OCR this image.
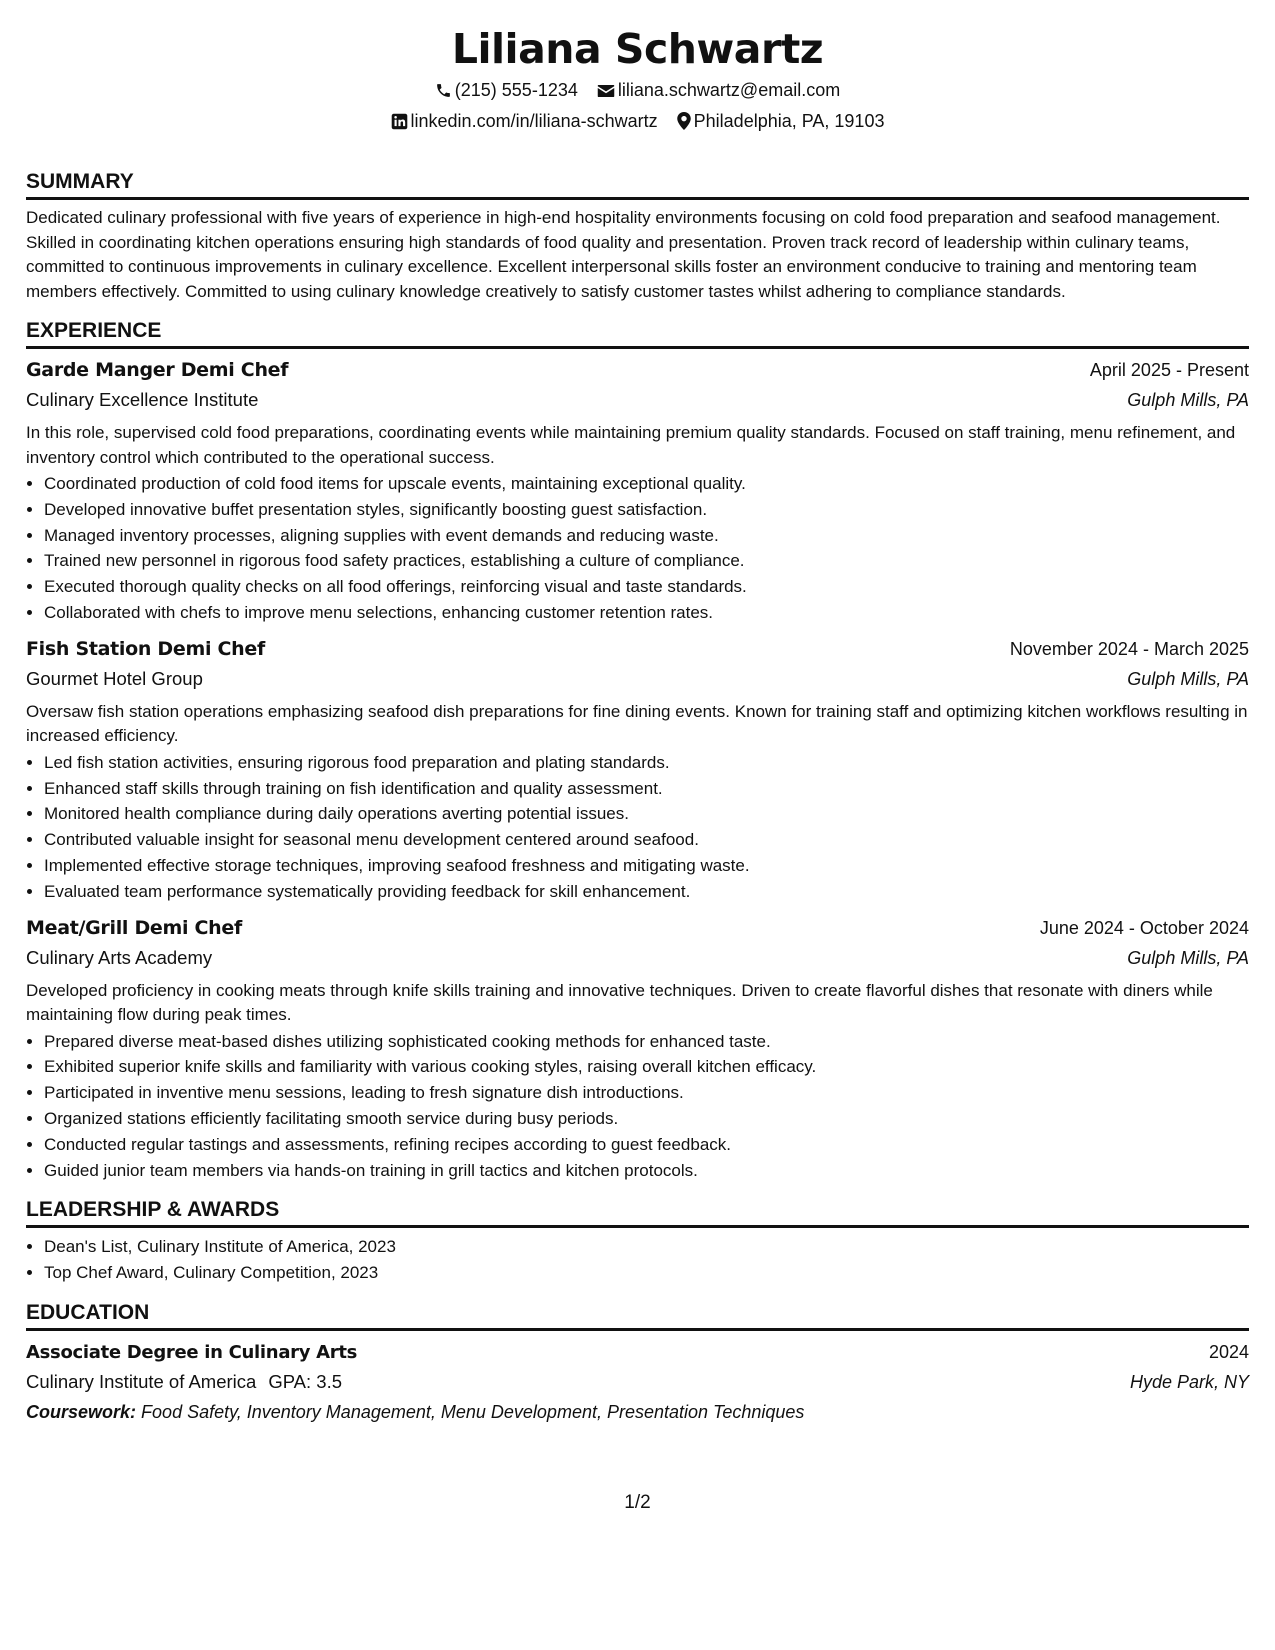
Liliana Schwartz
(215) 555-1234 liliana.schwartz@email.com
linkedin.com/in/liliana-schwartz Philadelphia, PA, 19103
SUMMARY

Dedicated culinary professional with five years of experience in high-end hospitality environments focusing on cold food preparation and seafood management. Skilled in coordinating kitchen operations ensuring high standards of food quality and presentation. Proven track record of leadership within culinary teams, committed to continuous improvements in culinary excellence. Excellent interpersonal skills foster an environment conducive to training and mentoring team members effectively. Committed to using culinary knowledge creatively to satisfy customer tastes whilst adhering to compliance standards.

EXPERIENCE
Garde Manger Demi Chef	April 2025 - Present
Culinary Excellence Institute	Gulph Mills, PA

In this role, supervised cold food preparations, coordinating events while maintaining premium quality standards. Focused on staff training, menu refinement, and inventory control which contributed to the operational success.

• Coordinated production of cold food items for upscale events, maintaining exceptional quality.
• Developed innovative buffet presentation styles, significantly boosting guest satisfaction.
• Managed inventory processes, aligning supplies with event demands and reducing waste.
• Trained new personnel in rigorous food safety practices, establishing a culture of compliance.
• Executed thorough quality checks on all food offerings, reinforcing visual and taste standards.
• Collaborated with chefs to improve menu selections, enhancing customer retention rates.
Fish Station Demi Chef	November 2024 - March 2025
Gourmet Hotel Group	Gulph Mills, PA

Oversaw fish station operations emphasizing seafood dish preparations for fine dining events. Known for training staff and optimizing kitchen workflows resulting in increased efficiency.

• Led fish station activities, ensuring rigorous food preparation and plating standards.
• Enhanced staff skills through training on fish identification and quality assessment.
• Monitored health compliance during daily operations averting potential issues.
• Contributed valuable insight for seasonal menu development centered around seafood.
• Implemented effective storage techniques, improving seafood freshness and mitigating waste.
• Evaluated team performance systematically providing feedback for skill enhancement.
Meat/Grill Demi Chef	June 2024 - October 2024
Culinary Arts Academy	Gulph Mills, PA

Developed proficiency in cooking meats through knife skills training and innovative techniques. Driven to create flavorful dishes that resonate with diners while maintaining flow during peak times.

• Prepared diverse meat-based dishes utilizing sophisticated cooking methods for enhanced taste.
• Exhibited superior knife skills and familiarity with various cooking styles, raising overall kitchen efficacy.
• Participated in inventive menu sessions, leading to fresh signature dish introductions.
• Organized stations efficiently facilitating smooth service during busy periods.
• Conducted regular tastings and assessments, refining recipes according to guest feedback.
• Guided junior team members via hands-on training in grill tactics and kitchen protocols.
LEADERSHIP & AWARDS
• Dean's List, Culinary Institute of America, 2023
• Top Chef Award, Culinary Competition, 2023
EDUCATION
Associate Degree in Culinary Arts	2024
Culinary Institute of America GPA: 3.5	Hyde Park, NY
Coursework: Food Safety, Inventory Management, Menu Development, Presentation Techniques
1/2
